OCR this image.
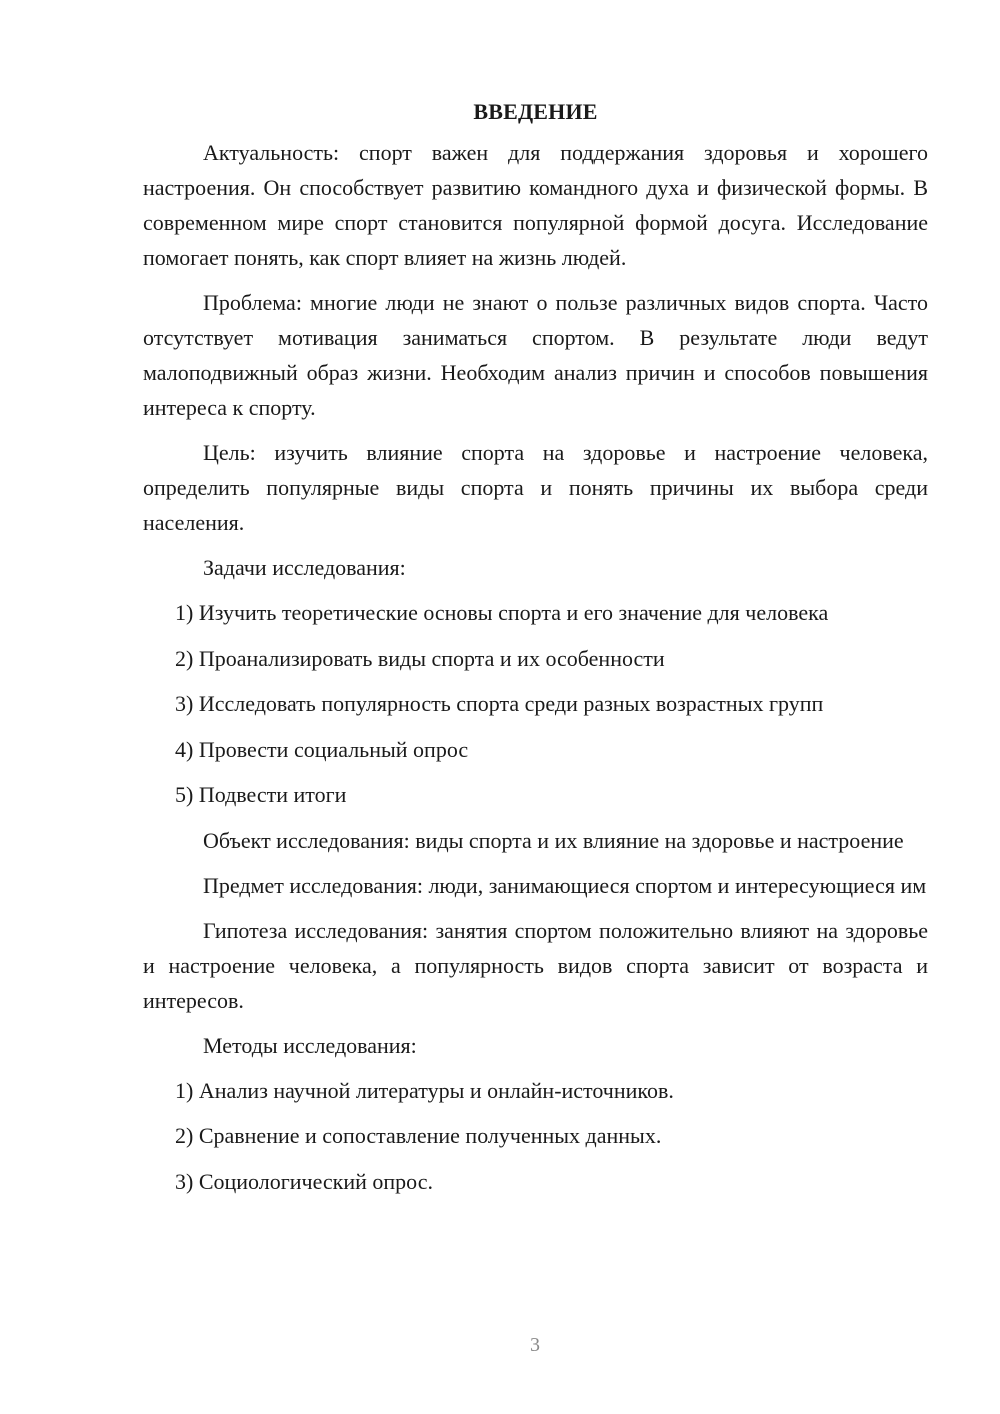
ВВЕДЕНИЕ

Актуальность: спорт важен для поддержания здоровья и хорошего настроения. Он способствует развитию командного духа и физической формы. В современном мире спорт становится популярной формой досуга. Исследование помогает понять, как спорт влияет на жизнь людей.

Проблема: многие люди не знают о пользе различных видов спорта. Часто отсутствует мотивация заниматься спортом. В результате люди ведут малоподвижный образ жизни. Необходим анализ причин и способов повышения интереса к спорту.

Цель: изучить влияние спорта на здоровье и настроение человека, определить популярные виды спорта и понять причины их выбора среди населения.

Задачи исследования:

1) Изучить теоретические основы спорта и его значение для человека
2) Проанализировать виды спорта и их особенности
3) Исследовать популярность спорта среди разных возрастных групп
4) Провести социальный опрос
5) Подвести итоги

Объект исследования: виды спорта и их влияние на здоровье и настроение

Предмет исследования: люди, занимающиеся спортом и интересующиеся им

Гипотеза исследования: занятия спортом положительно влияют на здоровье и настроение человека, а популярность видов спорта зависит от возраста и интересов.

Методы исследования:

1) Анализ научной литературы и онлайн-источников.
2) Сравнение и сопоставление полученных данных.
3) Социологический опрос.
3
